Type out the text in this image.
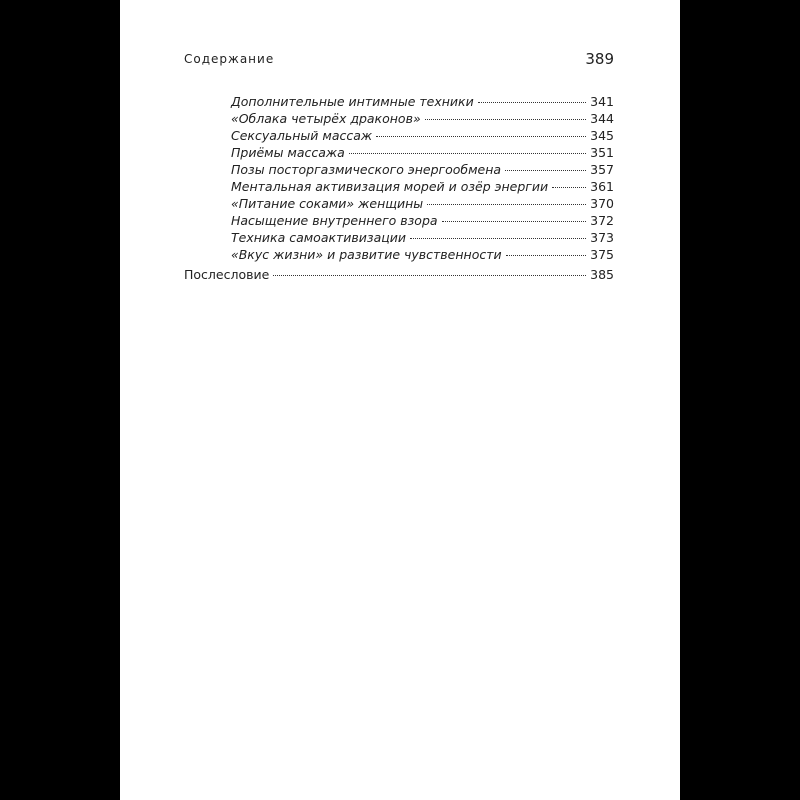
Содержание	389
Дополнительные интимные техники	341
«Облака четырёх драконов»	344
Сексуальный массаж	345
Приёмы массажа	351
Позы посторгазмического энергообмена	357
Ментальная активизация морей и озёр энергии	361
«Питание соками» женщины	370
Насыщение внутреннего взора	372
Техника самоактивизации	373
«Вкус жизни» и развитие чувственности	375
Послесловие	385
